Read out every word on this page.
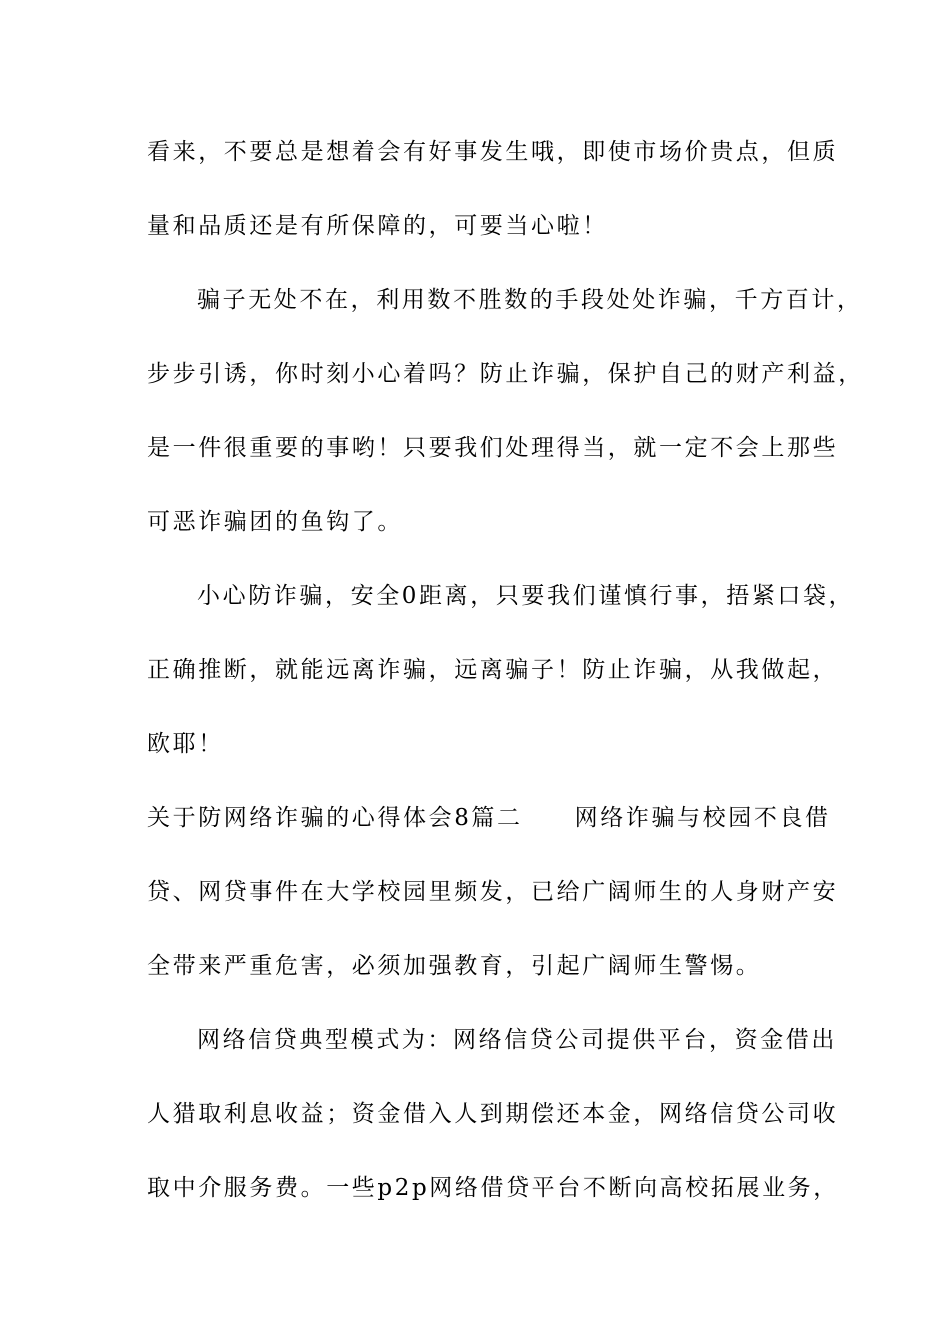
看来，不要总是想着会有好事发生哦，即使市场价贵点，但质
量和品质还是有所保障的，可要当心啦！
骗子无处不在，利用数不胜数的手段处处诈骗，千方百计，
步步引诱，你时刻小心着吗？防止诈骗，保护自己的财产利益，
是一件很重要的事哟！只要我们处理得当，就一定不会上那些
可恶诈骗团的鱼钩了。
小心防诈骗，安全0距离，只要我们谨慎行事，捂紧口袋，
正确推断，就能远离诈骗，远离骗子！防止诈骗，从我做起，
欧耶！
关于防网络诈骗的心得体会8篇二 网络诈骗与校园不良借
贷、网贷事件在大学校园里频发，已给广阔师生的人身财产安
全带来严重危害，必须加强教育，引起广阔师生警惕。
网络信贷典型模式为：网络信贷公司提供平台，资金借出
人猎取利息收益；资金借入人到期偿还本金，网络信贷公司收
取中介服务费。一些p2p网络借贷平台不断向高校拓展业务，
